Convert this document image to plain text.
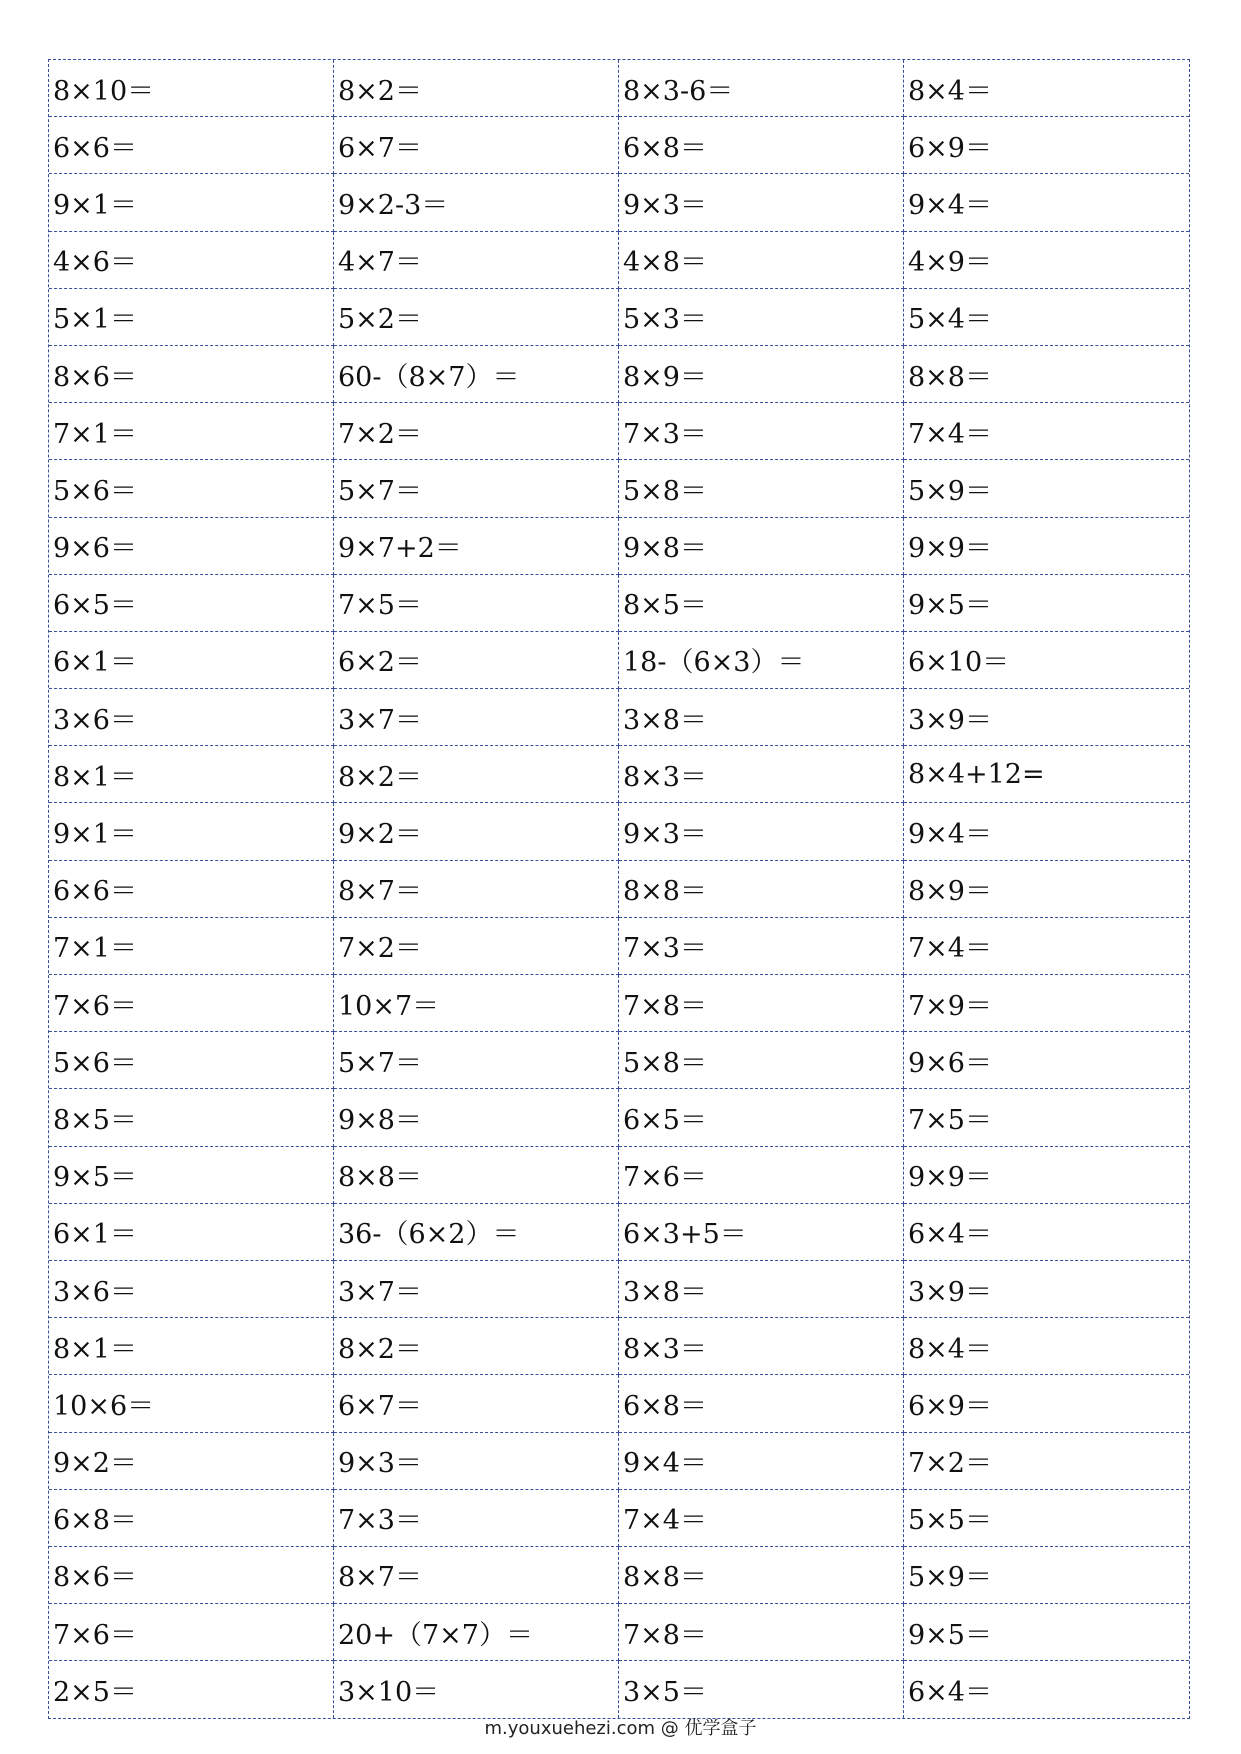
8×10＝	8×2＝	8×3-6＝	8×4＝
6×6＝	6×7＝	6×8＝	6×9＝
9×1＝	9×2-3＝	9×3＝	9×4＝
4×6＝	4×7＝	4×8＝	4×9＝
5×1＝	5×2＝	5×3＝	5×4＝
8×6＝	60-（8×7）＝	8×9＝	8×8＝
7×1＝	7×2＝	7×3＝	7×4＝
5×6＝	5×7＝	5×8＝	5×9＝
9×6＝	9×7+2＝	9×8＝	9×9＝
6×5＝	7×5＝	8×5＝	9×5＝
6×1＝	6×2＝	18-（6×3）＝	6×10＝
3×6＝	3×7＝	3×8＝	3×9＝
8×1＝	8×2＝	8×3＝	8×4+12=
9×1＝	9×2＝	9×3＝	9×4＝
6×6＝	8×7＝	8×8＝	8×9＝
7×1＝	7×2＝	7×3＝	7×4＝
7×6＝	10×7＝	7×8＝	7×9＝
5×6＝	5×7＝	5×8＝	9×6＝
8×5＝	9×8＝	6×5＝	7×5＝
9×5＝	8×8＝	7×6＝	9×9＝
6×1＝	36-（6×2）＝	6×3+5＝	6×4＝
3×6＝	3×7＝	3×8＝	3×9＝
8×1＝	8×2＝	8×3＝	8×4＝
10×6＝	6×7＝	6×8＝	6×9＝
9×2＝	9×3＝	9×4＝	7×2＝
6×8＝	7×3＝	7×4＝	5×5＝
8×6＝	8×7＝	8×8＝	5×9＝
7×6＝	20+（7×7）＝	7×8＝	9×5＝
2×5＝	3×10＝	3×5＝	6×4＝
m.youxuehezi.com @ 优学盒子
